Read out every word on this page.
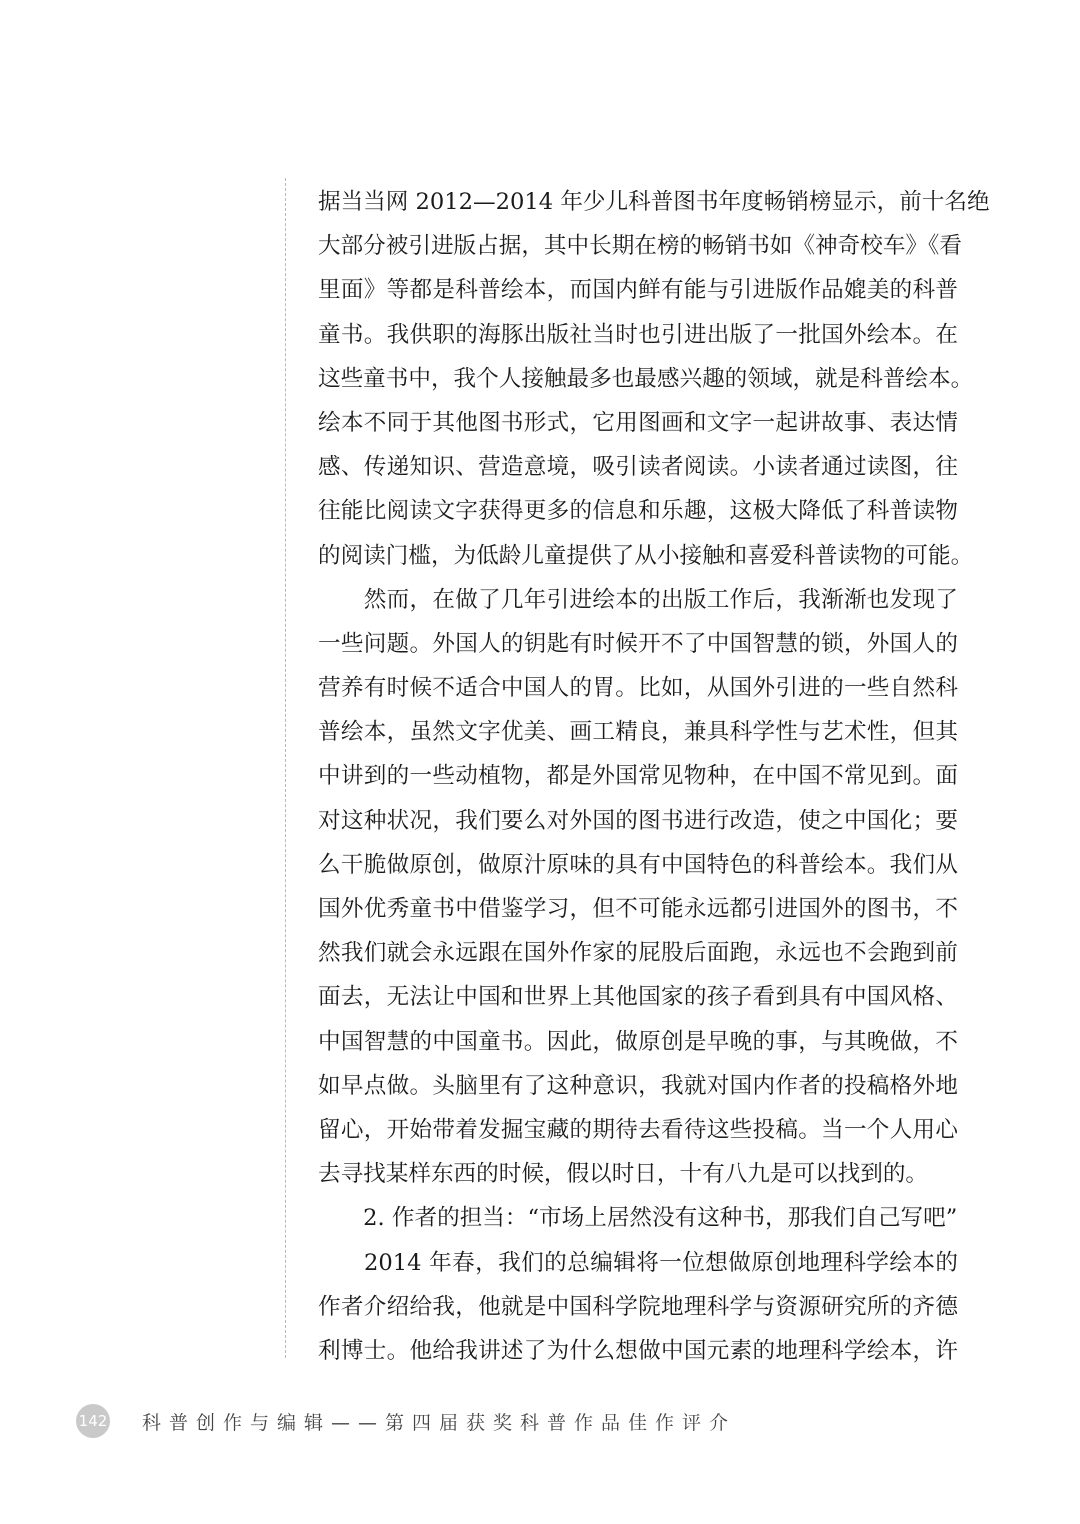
据当当网 2012—2014 年少儿科普图书年度畅销榜显示，前十名绝
大部分被引进版占据，其中长期在榜的畅销书如《神奇校车》《看
里面》等都是科普绘本，而国内鲜有能与引进版作品媲美的科普
童书。我供职的海豚出版社当时也引进出版了一批国外绘本。在
这些童书中，我个人接触最多也最感兴趣的领域，就是科普绘本。
绘本不同于其他图书形式，它用图画和文字一起讲故事、表达情
感、传递知识、营造意境，吸引读者阅读。小读者通过读图，往
往能比阅读文字获得更多的信息和乐趣，这极大降低了科普读物
的阅读门槛，为低龄儿童提供了从小接触和喜爱科普读物的可能。
　　然而，在做了几年引进绘本的出版工作后，我渐渐也发现了
一些问题。外国人的钥匙有时候开不了中国智慧的锁，外国人的
营养有时候不适合中国人的胃。比如，从国外引进的一些自然科
普绘本，虽然文字优美、画工精良，兼具科学性与艺术性，但其
中讲到的一些动植物，都是外国常见物种，在中国不常见到。面
对这种状况，我们要么对外国的图书进行改造，使之中国化；要
么干脆做原创，做原汁原味的具有中国特色的科普绘本。我们从
国外优秀童书中借鉴学习，但不可能永远都引进国外的图书，不
然我们就会永远跟在国外作家的屁股后面跑，永远也不会跑到前
面去，无法让中国和世界上其他国家的孩子看到具有中国风格、
中国智慧的中国童书。因此，做原创是早晚的事，与其晚做，不
如早点做。头脑里有了这种意识，我就对国内作者的投稿格外地
留心，开始带着发掘宝藏的期待去看待这些投稿。当一个人用心
去寻找某样东西的时候，假以时日，十有八九是可以找到的。
　　2. 作者的担当：“市场上居然没有这种书，那我们自己写吧”
　　2014 年春，我们的总编辑将一位想做原创地理科学绘本的
作者介绍给我，他就是中国科学院地理科学与资源研究所的齐德
利博士。他给我讲述了为什么想做中国元素的地理科学绘本，许
142 科普创作与编辑——第四届获奖科普作品佳作评介
